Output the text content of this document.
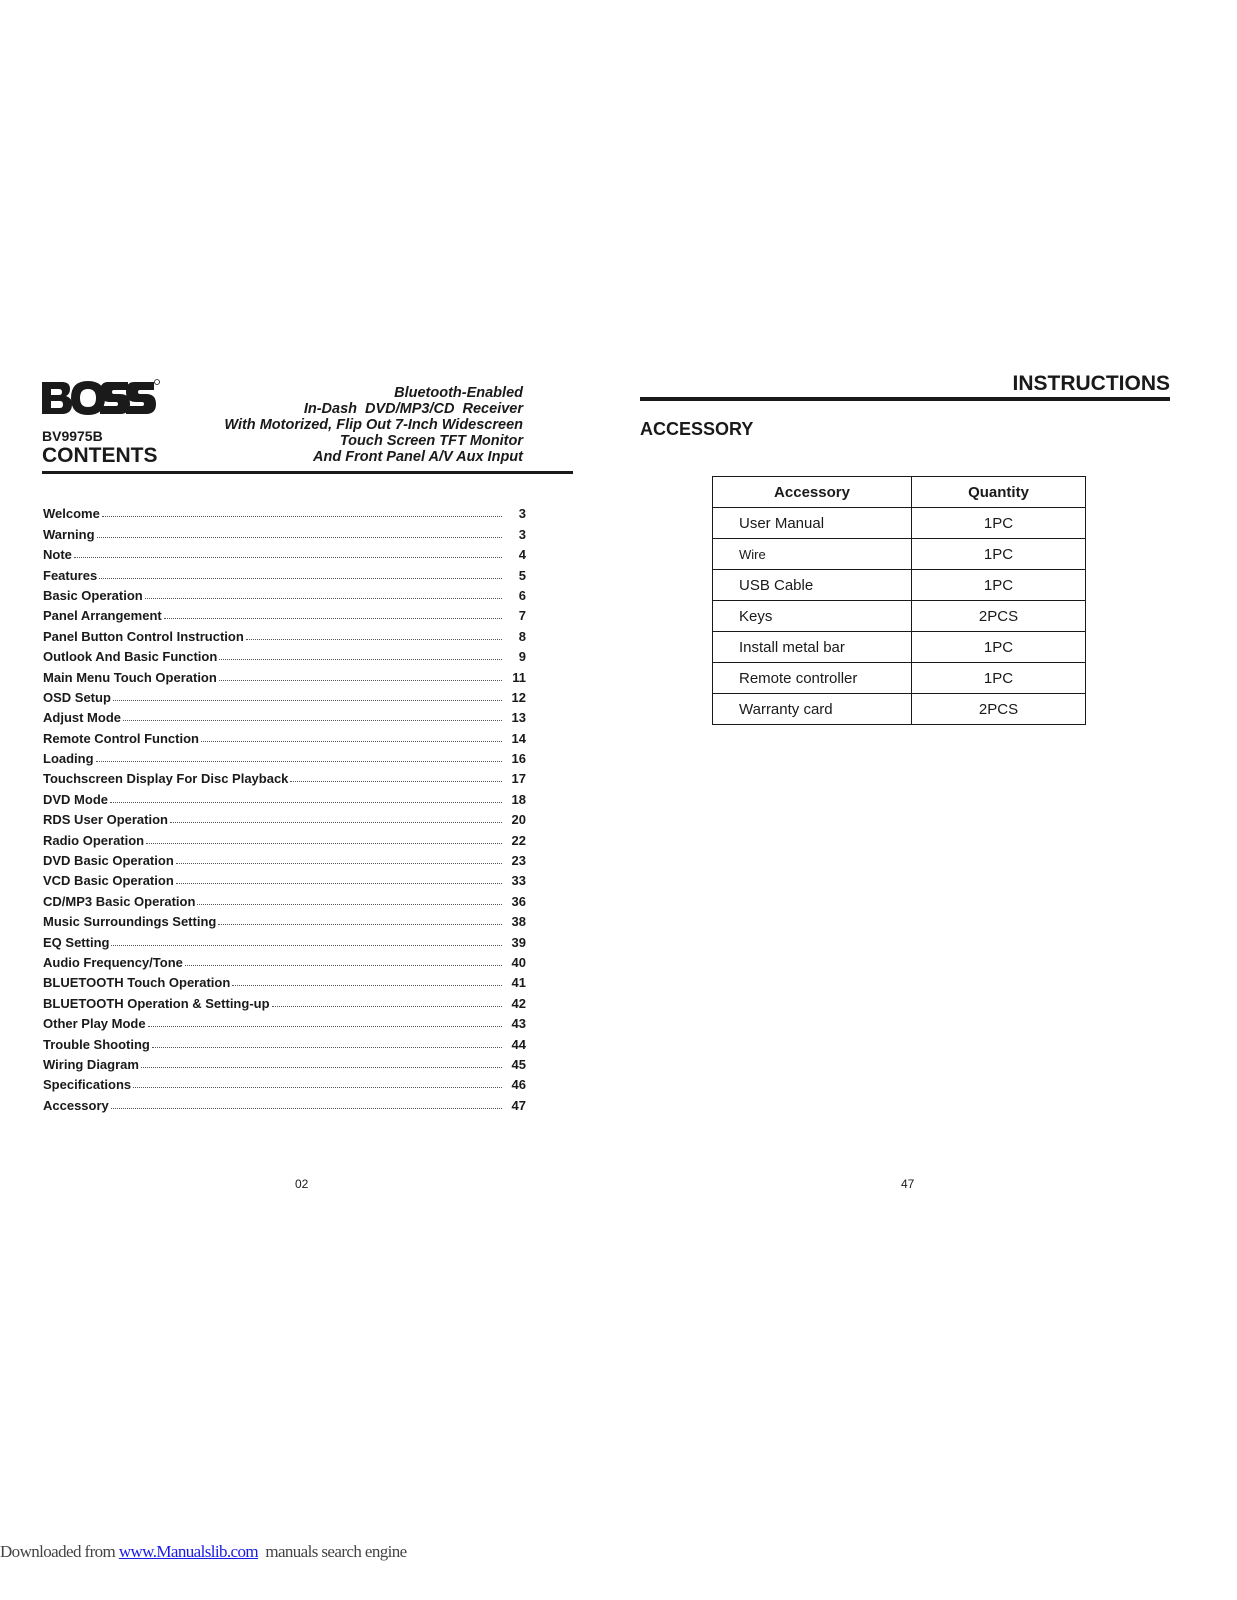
BV9975B
CONTENTS
Bluetooth-Enabled
In-Dash  DVD/MP3/CD  Receiver
With Motorized, Flip Out 7-Inch Widescreen
Touch Screen TFT Monitor
And Front Panel A/V Aux Input
Welcome	3
Warning	3
Note	4
Features	5
Basic Operation	6
Panel Arrangement	7
Panel Button Control Instruction	8
Outlook And Basic Function	9
Main Menu Touch Operation	11
OSD Setup	12
Adjust Mode	13
Remote Control Function	14
Loading	16
Touchscreen Display For Disc Playback	17
DVD Mode	18
RDS User Operation	20
Radio Operation	22
DVD Basic Operation	23
VCD Basic Operation	33
CD/MP3 Basic Operation	36
Music Surroundings Setting	38
EQ Setting	39
Audio Frequency/Tone	40
BLUETOOTH Touch Operation	41
BLUETOOTH Operation & Setting-up	42
Other Play Mode	43
Trouble Shooting	44
Wiring Diagram	45
Specifications	46
Accessory	47
02
INSTRUCTIONS
ACCESSORY
Accessory	Quantity
User Manual	1PC
Wire	1PC
USB Cable	1PC
Keys	2PCS
Install metal bar	1PC
Remote controller	1PC
Warranty card	2PCS
47
Downloaded from www.Manualslib.com  manuals search engine
